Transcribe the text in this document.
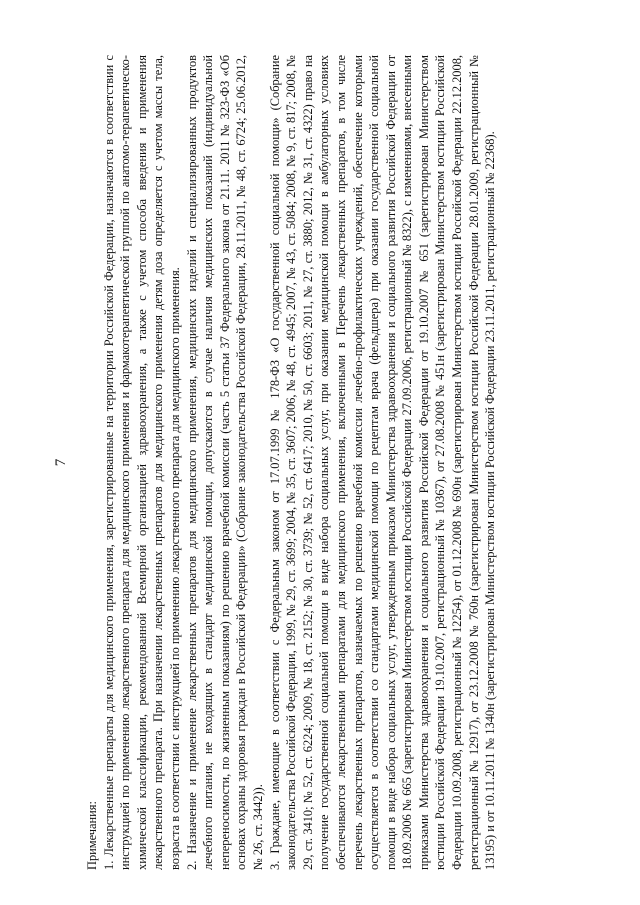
7

Примечания: 1. Лекарственные препараты для медицинского применения, зарегистрированные на территории Российской Федерации, назначаются в соответствии с инструкцией по применению лекарственного препарата для медицинского применения и фармакотерапевтической группой по анатомо-терапевтическо-химической классификации, рекомендованной Всемирной организацией здравоохранения, а также с учетом способа введения и применения лекарственного препарата. При назначении лекарственных препаратов для медицинского применения детям доза определяется с учетом массы тела, возраста в соответствии с инструкцией по применению лекарственного препарата для медицинского применения. 2. Назначение и применение лекарственных препаратов для медицинского применения, медицинских изделий и специализированных продуктов лечебного питания, не входящих в стандарт медицинской помощи, допускаются в случае наличия медицинских показаний (индивидуальной непереносимости, по жизненным показаниям) по решению врачебной комиссии (часть 5 статьи 37 Федерального закона от 21.11. 2011 № 323-ФЗ «Об основах охраны здоровья граждан в Российской Федерации» (Собрание законодательства Российской Федерации, 28.11.2011, № 48, ст. 6724; 25.06.2012, № 26, ст. 3442)). 3. Граждане, имеющие в соответствии с Федеральным законом от 17.07.1999 № 178-ФЗ «О государственной социальной помощи» (Собрание законодательства Российской Федерации, 1999, № 29, ст. 3699; 2004, № 35, ст. 3607; 2006, № 48, ст. 4945; 2007, № 43, ст. 5084; 2008, № 9, ст. 817; 2008, № 29, ст. 3410; № 52, ст. 6224; 2009, № 18, ст. 2152; № 30, ст. 3739; № 52, ст. 6417; 2010, № 50, ст. 6603; 2011, № 27, ст. 3880; 2012, № 31, ст. 4322) право на получение государственной социальной помощи в виде набора социальных услуг, при оказании медицинской помощи в амбулаторных условиях обеспечиваются лекарственными препаратами для медицинского применения, включенными в Перечень лекарственных препаратов, в том числе перечень лекарственных препаратов, назначаемых по решению врачебной комиссии лечебно-профилактических учреждений, обеспечение которыми осуществляется в соответствии со стандартами медицинской помощи по рецептам врача (фельдшера) при оказании государственной социальной помощи в виде набора социальных услуг, утвержденным приказом Министерства здравоохранения и социального развития Российской Федерации от 18.09.2006 № 665 (зарегистрирован Министерством юстиции Российской Федерации 27.09.2006, регистрационный № 8322), с изменениями, внесенными приказами Министерства здравоохранения и социального развития Российской Федерации от 19.10.2007 № 651 (зарегистрирован Министерством юстиции Российской Федерации 19.10.2007, регистрационный № 10367), от 27.08.2008 № 451н (зарегистрирован Министерством юстиции Российской Федерации 10.09.2008, регистрационный № 12254), от 01.12.2008 № 690н (зарегистрирован Министерством юстиции Российской Федерации 22.12.2008, регистрационный № 12917), от 23.12.2008 № 760н (зарегистрирован Министерством юстиции Российской Федерации 28.01.2009, регистрационный № 13195) и от 10.11.2011 № 1340н (зарегистрирован Министерством юстиции Российской Федерации 23.11.2011, регистрационный № 22368).
